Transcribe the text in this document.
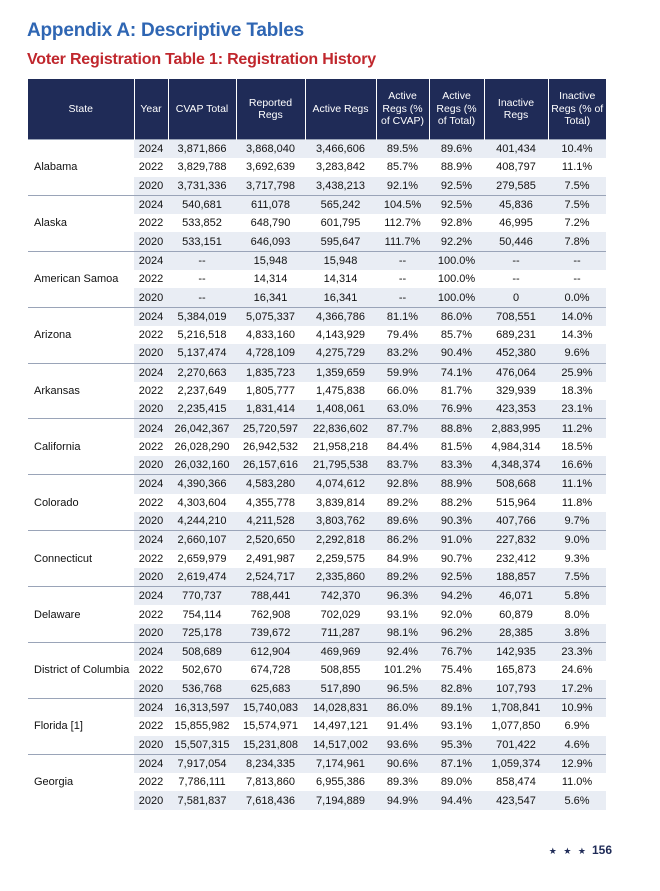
Appendix A: Descriptive Tables
Voter Registration Table 1: Registration History
State	Year	CVAP Total	Reported Regs	Active Regs	Active Regs (% of CVAP)	Active Regs (% of Total)	Inactive Regs	Inactive Regs (% of Total)
Alabama	2024	3,871,866	3,868,040	3,466,606	89.5%	89.6%	401,434	10.4%
	2022	3,829,788	3,692,639	3,283,842	85.7%	88.9%	408,797	11.1%
	2020	3,731,336	3,717,798	3,438,213	92.1%	92.5%	279,585	7.5%
Alaska	2024	540,681	611,078	565,242	104.5%	92.5%	45,836	7.5%
	2022	533,852	648,790	601,795	112.7%	92.8%	46,995	7.2%
	2020	533,151	646,093	595,647	111.7%	92.2%	50,446	7.8%
American Samoa	2024	--	15,948	15,948	--	100.0%	--	--
	2022	--	14,314	14,314	--	100.0%	--	--
	2020	--	16,341	16,341	--	100.0%	0	0.0%
Arizona	2024	5,384,019	5,075,337	4,366,786	81.1%	86.0%	708,551	14.0%
	2022	5,216,518	4,833,160	4,143,929	79.4%	85.7%	689,231	14.3%
	2020	5,137,474	4,728,109	4,275,729	83.2%	90.4%	452,380	9.6%
Arkansas	2024	2,270,663	1,835,723	1,359,659	59.9%	74.1%	476,064	25.9%
	2022	2,237,649	1,805,777	1,475,838	66.0%	81.7%	329,939	18.3%
	2020	2,235,415	1,831,414	1,408,061	63.0%	76.9%	423,353	23.1%
California	2024	26,042,367	25,720,597	22,836,602	87.7%	88.8%	2,883,995	11.2%
	2022	26,028,290	26,942,532	21,958,218	84.4%	81.5%	4,984,314	18.5%
	2020	26,032,160	26,157,616	21,795,538	83.7%	83.3%	4,348,374	16.6%
Colorado	2024	4,390,366	4,583,280	4,074,612	92.8%	88.9%	508,668	11.1%
	2022	4,303,604	4,355,778	3,839,814	89.2%	88.2%	515,964	11.8%
	2020	4,244,210	4,211,528	3,803,762	89.6%	90.3%	407,766	9.7%
Connecticut	2024	2,660,107	2,520,650	2,292,818	86.2%	91.0%	227,832	9.0%
	2022	2,659,979	2,491,987	2,259,575	84.9%	90.7%	232,412	9.3%
	2020	2,619,474	2,524,717	2,335,860	89.2%	92.5%	188,857	7.5%
Delaware	2024	770,737	788,441	742,370	96.3%	94.2%	46,071	5.8%
	2022	754,114	762,908	702,029	93.1%	92.0%	60,879	8.0%
	2020	725,178	739,672	711,287	98.1%	96.2%	28,385	3.8%
District of Columbia	2024	508,689	612,904	469,969	92.4%	76.7%	142,935	23.3%
	2022	502,670	674,728	508,855	101.2%	75.4%	165,873	24.6%
	2020	536,768	625,683	517,890	96.5%	82.8%	107,793	17.2%
Florida [1]	2024	16,313,597	15,740,083	14,028,831	86.0%	89.1%	1,708,841	10.9%
	2022	15,855,982	15,574,971	14,497,121	91.4%	93.1%	1,077,850	6.9%
	2020	15,507,315	15,231,808	14,517,002	93.6%	95.3%	701,422	4.6%
Georgia	2024	7,917,054	8,234,335	7,174,961	90.6%	87.1%	1,059,374	12.9%
	2022	7,786,111	7,813,860	6,955,386	89.3%	89.0%	858,474	11.0%
	2020	7,581,837	7,618,436	7,194,889	94.9%	94.4%	423,547	5.6%
★ ★ ★ 156
